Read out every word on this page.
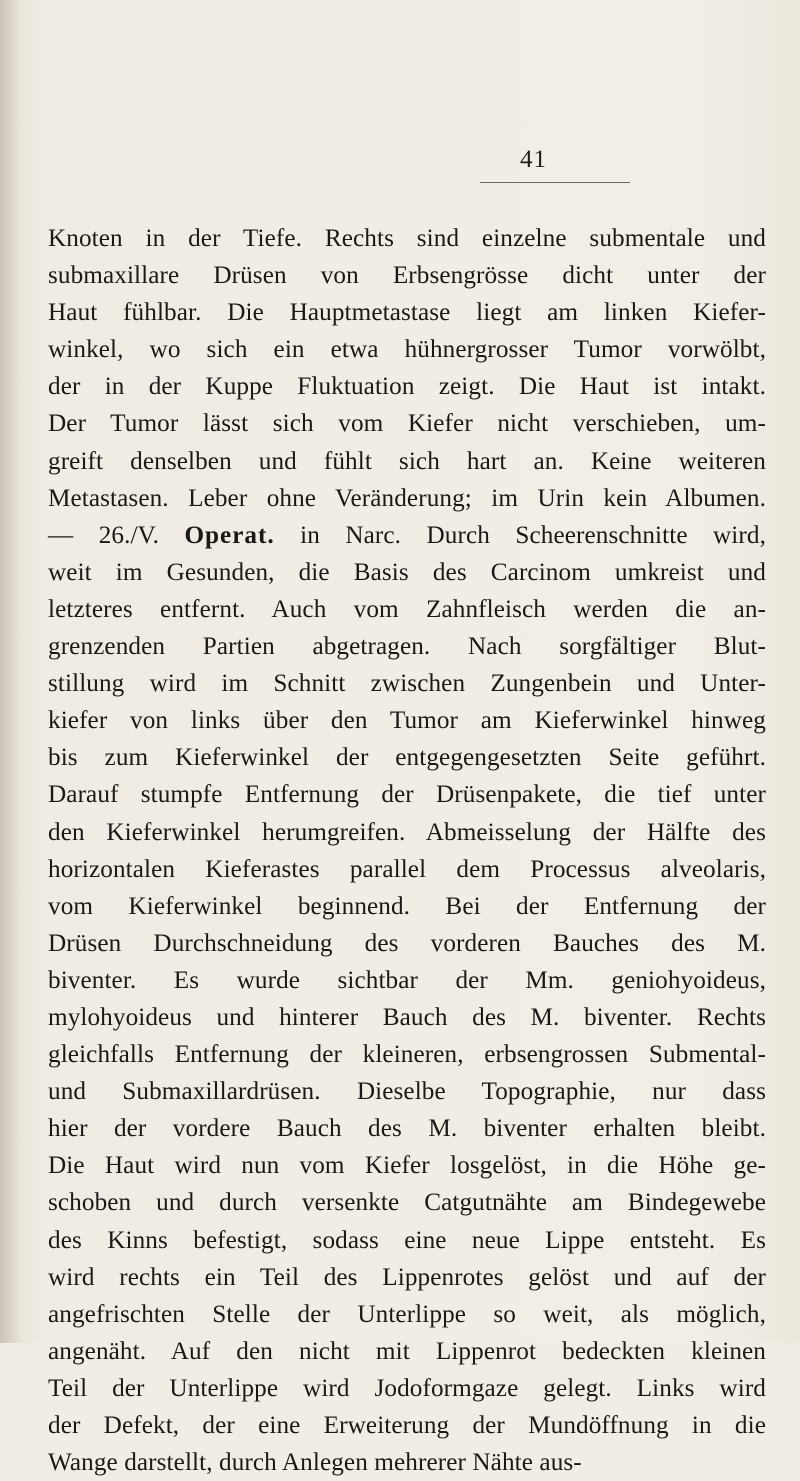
41
Knoten in der Tiefe. Rechts sind einzelne submentale und
submaxillare Drüsen von Erbsengrösse dicht unter der
Haut fühlbar. Die Hauptmetastase liegt am linken Kiefer-
winkel, wo sich ein etwa hühnergrosser Tumor vorwölbt,
der in der Kuppe Fluktuation zeigt. Die Haut ist intakt.
Der Tumor lässt sich vom Kiefer nicht verschieben, um-
greift denselben und fühlt sich hart an. Keine weiteren
Metastasen. Leber ohne Veränderung; im Urin kein Albumen.
— 26./V. Operat. in Narc. Durch Scheerenschnitte wird,
weit im Gesunden, die Basis des Carcinom umkreist und
letzteres entfernt. Auch vom Zahnfleisch werden die an-
grenzenden Partien abgetragen. Nach sorgfältiger Blut-
stillung wird im Schnitt zwischen Zungenbein und Unter-
kiefer von links über den Tumor am Kieferwinkel hinweg
bis zum Kieferwinkel der entgegengesetzten Seite geführt.
Darauf stumpfe Entfernung der Drüsenpakete, die tief unter
den Kieferwinkel herumgreifen. Abmeisselung der Hälfte des
horizontalen Kieferastes parallel dem Processus alveolaris,
vom Kieferwinkel beginnend. Bei der Entfernung der
Drüsen Durchschneidung des vorderen Bauches des M.
biventer. Es wurde sichtbar der Mm. geniohyoideus,
mylohyoideus und hinterer Bauch des M. biventer. Rechts
gleichfalls Entfernung der kleineren, erbsengrossen Submental-
und Submaxillardrüsen. Dieselbe Topographie, nur dass
hier der vordere Bauch des M. biventer erhalten bleibt.
Die Haut wird nun vom Kiefer losgelöst, in die Höhe ge-
schoben und durch versenkte Catgutnähte am Bindegewebe
des Kinns befestigt, sodass eine neue Lippe entsteht. Es
wird rechts ein Teil des Lippenrotes gelöst und auf der
angefrischten Stelle der Unterlippe so weit, als möglich,
angenäht. Auf den nicht mit Lippenrot bedeckten kleinen
Teil der Unterlippe wird Jodoformgaze gelegt. Links wird
der Defekt, der eine Erweiterung der Mundöffnung in die
Wange darstellt, durch Anlegen mehrerer Nähte aus-
